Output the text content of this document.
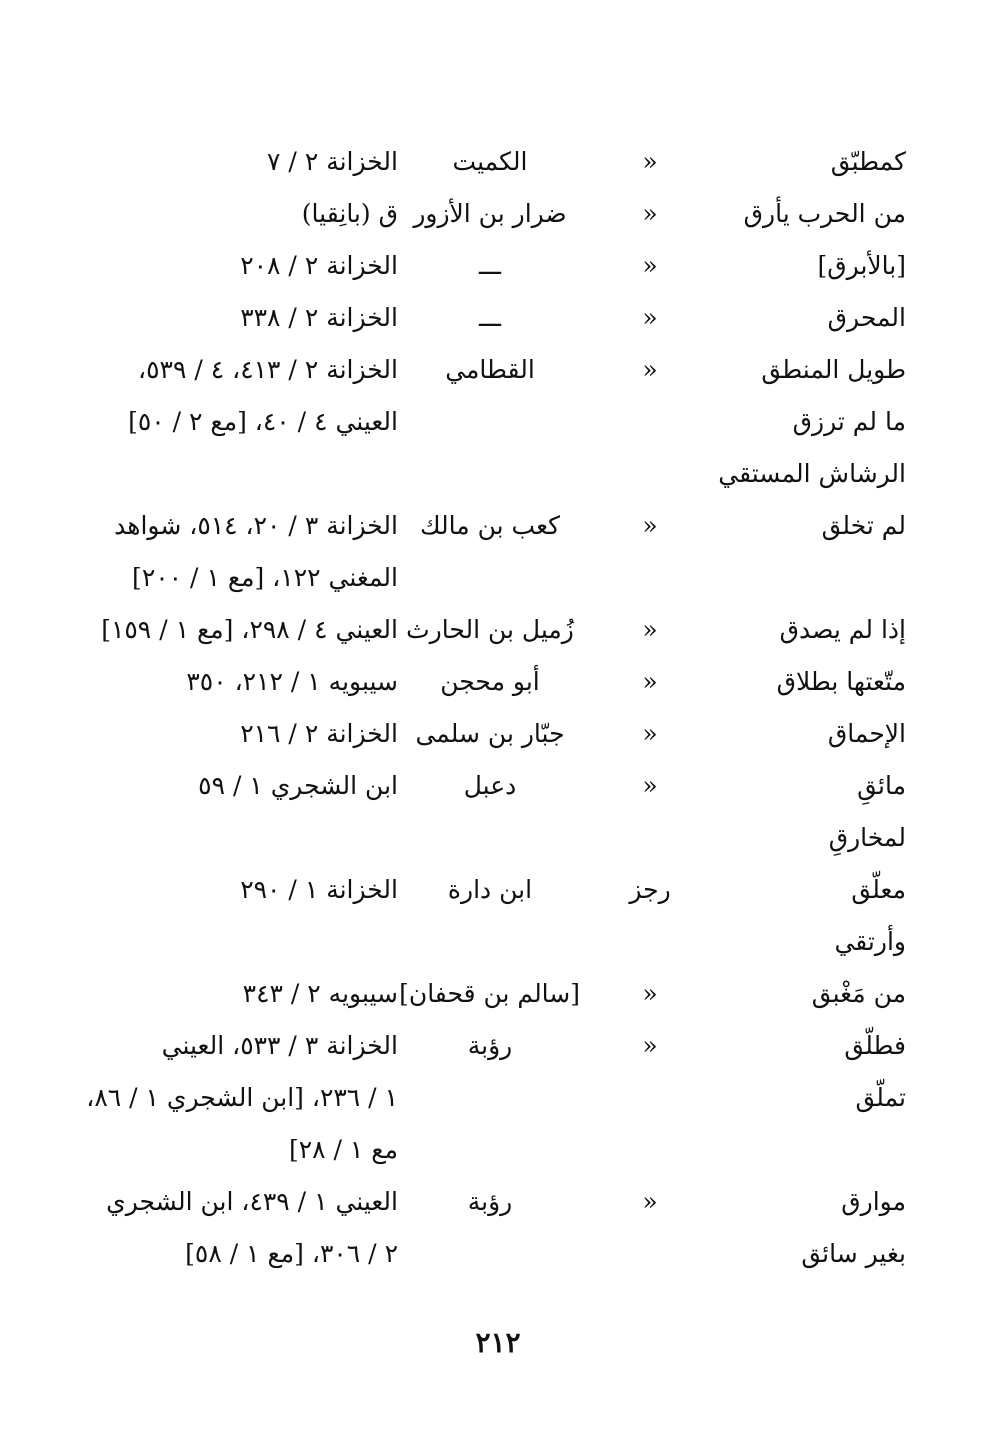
كمطبّق
«
الكميت
الخزانة ٢ / ٧
من الحرب يأرق
«
ضرار بن الأزور
ق (بانِقيا)
[بالأبرق]
«
ـــ
الخزانة ٢ / ٢٠٨
المحرق
«
ـــ
الخزانة ٢ / ٣٣٨
طويل المنطق
«
القطامي
الخزانة ٢ / ٤١٣، ٤ / ٥٣٩،
ما لم ترزق
العيني ٤ / ٤٠، [مع ٢ / ٥٠]
الرشاش المستقي
لم تخلق
«
كعب بن مالك
الخزانة ٣ / ٢٠، ٥١٤، شواهد
المغني ١٢٢، [مع ١ / ٢٠٠]
إذا لم يصدق
«
زُميل بن الحارث
العيني ٤ / ٢٩٨، [مع ١ / ١٥٩]
متّعتها بطلاق
«
أبو محجن
سيبويه ١ / ٢١٢، ٣٥٠
الإحماق
«
جبّار بن سلمى
الخزانة ٢ / ٢١٦
مائقِ
«
دعبل
ابن الشجري ١ / ٥٩
لمخارقِ
معلّق
رجز
ابن دارة
الخزانة ١ / ٢٩٠
وأرتقي
من مَغْبق
«
[سالم بن قحفان]
سيبويه ٢ / ٣٤٣
فطلّق
«
رؤبة
الخزانة ٣ / ٥٣٣، العيني
تملّق
١ / ٢٣٦، [ابن الشجري ١ / ٨٦،
مع ١ / ٢٨]
موارق
«
رؤبة
العيني ١ / ٤٣٩، ابن الشجري
بغير سائق
٢ / ٣٠٦، [مع ١ / ٥٨]
٢١٢
